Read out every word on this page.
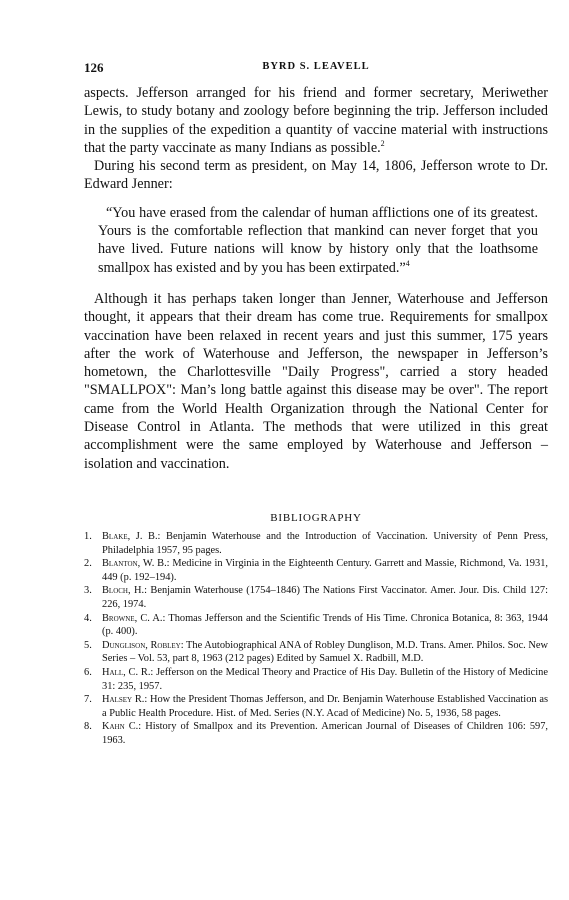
126	BYRD S. LEAVELL

aspects. Jefferson arranged for his friend and former secretary, Meriwether Lewis, to study botany and zoology before beginning the trip. Jefferson included in the supplies of the expedition a quantity of vaccine material with instructions that the party vaccinate as many Indians as possible.$^2$

During his second term as president, on May 14, 1806, Jefferson wrote to Dr. Edward Jenner:

“You have erased from the calendar of human afflictions one of its greatest. Yours is the comfortable reflection that mankind can never forget that you have lived. Future nations will know by history only that the loathsome smallpox has existed and by you has been extirpated.”$^4$

Although it has perhaps taken longer than Jenner, Waterhouse and Jefferson thought, it appears that their dream has come true. Requirements for smallpox vaccination have been relaxed in recent years and just this summer, 175 years after the work of Waterhouse and Jefferson, the newspaper in Jefferson’s hometown, the Charlottesville "Daily Progress", carried a story headed "SMALLPOX": Man’s long battle against this disease may be over". The report came from the World Health Organization through the National Center for Disease Control in Atlanta. The methods that were utilized in this great accomplishment were the same employed by Waterhouse and Jefferson – isolation and vaccination.

BIBLIOGRAPHY
1. Blake, J. B.: Benjamin Waterhouse and the Introduction of Vaccination. University of Penn Press, Philadelphia 1957, 95 pages.
2. Blanton, W. B.: Medicine in Virginia in the Eighteenth Century. Garrett and Massie, Richmond, Va. 1931, 449 (p. 192–194).
3. Bloch, H.: Benjamin Waterhouse (1754–1846) The Nations First Vaccinator. Amer. Jour. Dis. Child 127: 226, 1974.
4. Browne, C. A.: Thomas Jefferson and the Scientific Trends of His Time. Chronica Botanica, 8: 363, 1944 (p. 400).
5. Dunglison, Robley: The Autobiographical ANA of Robley Dunglison, M.D. Trans. Amer. Philos. Soc. New Series – Vol. 53, part 8, 1963 (212 pages) Edited by Samuel X. Radbill, M.D.
6. Hall, C. R.: Jefferson on the Medical Theory and Practice of His Day. Bulletin of the History of Medicine 31: 235, 1957.
7. Halsey R.: How the President Thomas Jefferson, and Dr. Benjamin Waterhouse Established Vaccination as a Public Health Procedure. Hist. of Med. Series (N.Y. Acad of Medicine) No. 5, 1936, 58 pages.
8. Kahn C.: History of Smallpox and its Prevention. American Journal of Diseases of Children 106: 597, 1963.
